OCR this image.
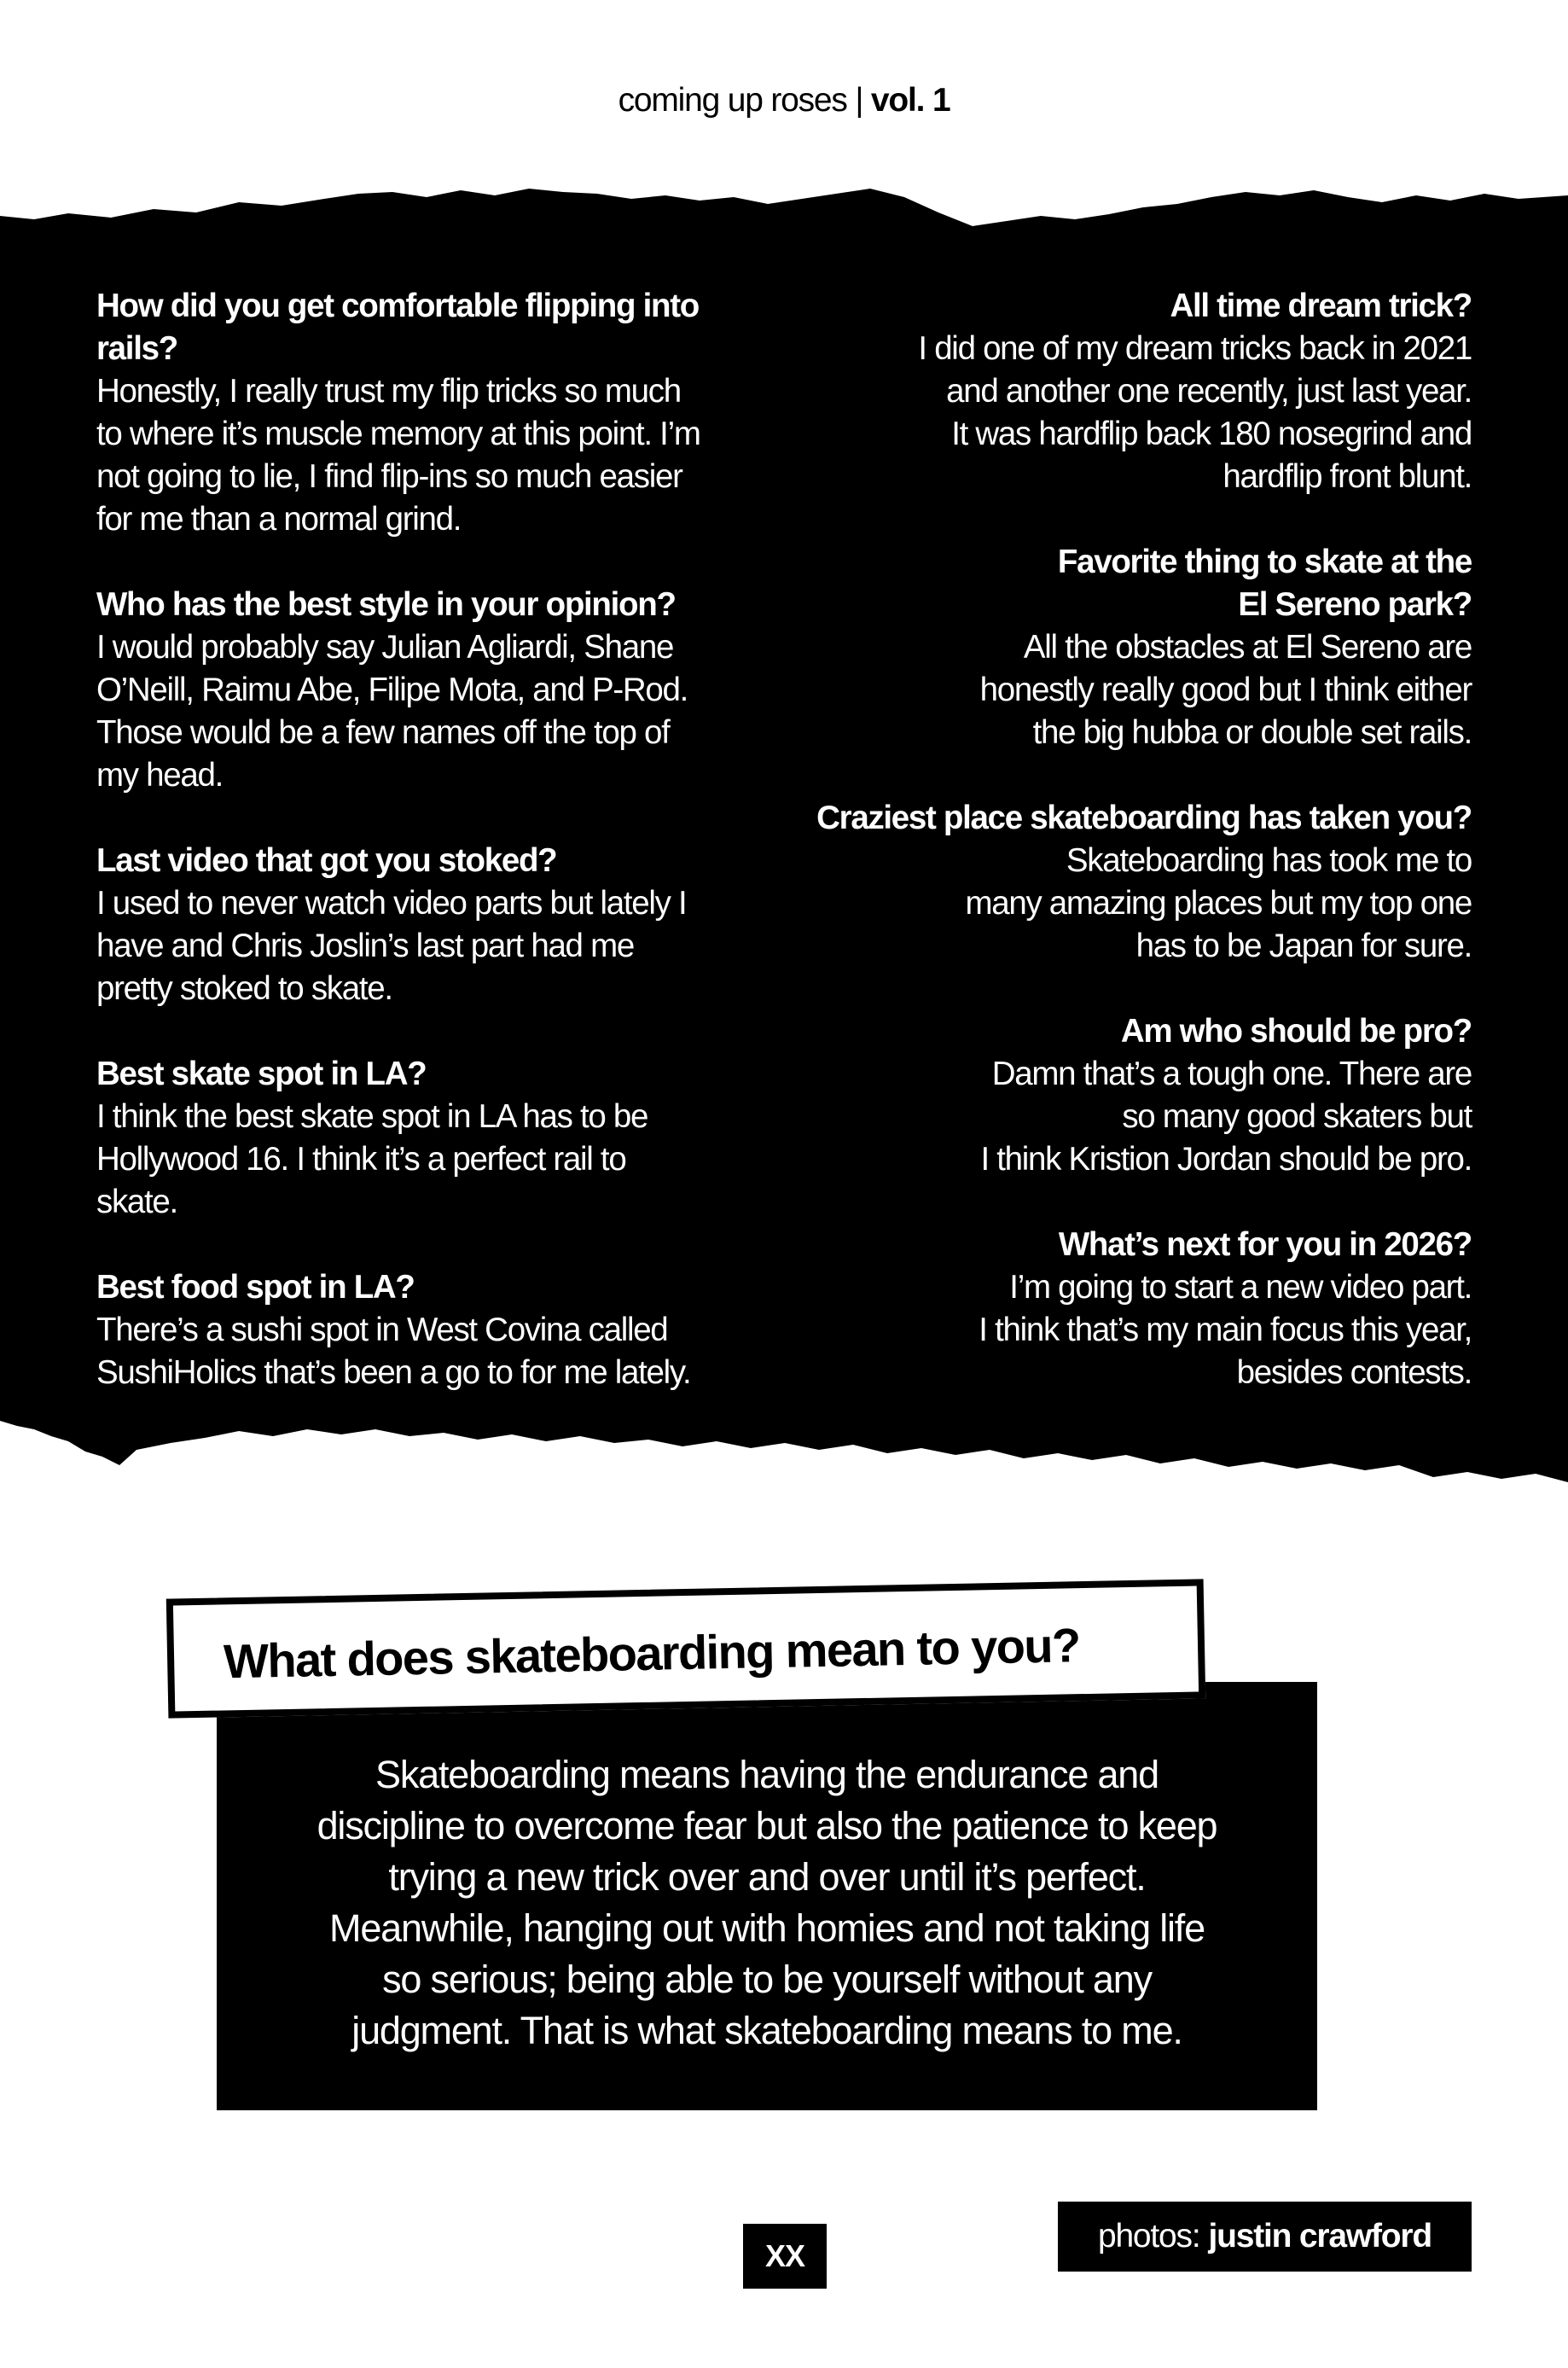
coming up roses | vol. 1
How did you get comfortable flipping into rails?

Honestly, I really trust my flip tricks so much

to where it’s muscle memory at this point. I’m

not going to lie, I find flip-ins so much easier

for me than a normal grind.

Who has the best style in your opinion?

I would probably say Julian Agliardi, Shane

O’Neill, Raimu Abe, Filipe Mota, and P-Rod.

Those would be a few names off the top of

my head.

Last video that got you stoked?

I used to never watch video parts but lately I

have and Chris Joslin’s last part had me

pretty stoked to skate.

Best skate spot in LA?

I think the best skate spot in LA has to be

Hollywood 16. I think it’s a perfect rail to

skate.

Best food spot in LA?

There’s a sushi spot in West Covina called

SushiHolics that’s been a go to for me lately.

All time dream trick?

I did one of my dream tricks back in 2021

and another one recently, just last year.

It was hardflip back 180 nosegrind and

hardflip front blunt.

Favorite thing to skate at the
El Sereno park?

All the obstacles at El Sereno are

honestly really good but I think either

the big hubba or double set rails.

Craziest place skateboarding has taken you?

Skateboarding has took me to

many amazing places but my top one

has to be Japan for sure.

Am who should be pro?

Damn that’s a tough one. There are

so many good skaters but

I think Kristion Jordan should be pro.

What’s next for you in 2026?

I’m going to start a new video part.

I think that’s my main focus this year,

besides contests.

What does skateboarding mean to you?
Skateboarding means having the endurance and
discipline to overcome fear but also the patience to keep
trying a new trick over and over until it’s perfect.
Meanwhile, hanging out with homies and not taking life
so serious; being able to be yourself without any
judgment. That is what skateboarding means to me.
XX
photos: justin crawford
